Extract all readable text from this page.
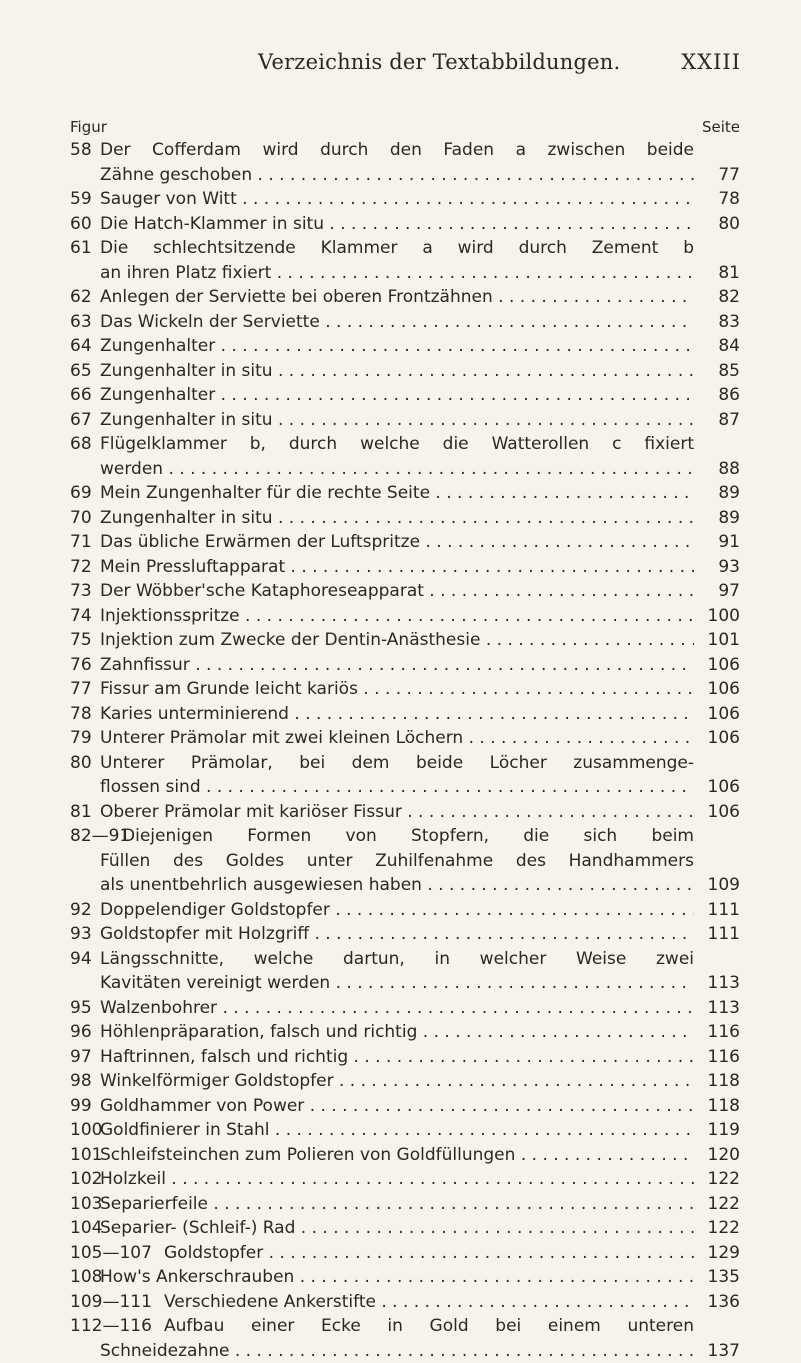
Verzeichnis der Textabbildungen.	XXIII
Figur	Seite
58 Der Cofferdam wird durch den Faden a zwischen beide
Zähne geschoben . . .	77
59 Sauger von Witt . . .	78
60 Die Hatch-Klammer in situ . . .	80
61 Die schlechtsitzende Klammer a wird durch Zement b
an ihren Platz fixiert . . .	81
62 Anlegen der Serviette bei oberen Frontzähnen . . .	82
63 Das Wickeln der Serviette . . .	83
64 Zungenhalter . . .	84
65 Zungenhalter in situ . . .	85
66 Zungenhalter . . .	86
67 Zungenhalter in situ . . .	87
68 Flügelklammer b, durch welche die Watterollen c fixiert
werden . . .	88
69 Mein Zungenhalter für die rechte Seite . . .	89
70 Zungenhalter in situ . . .	89
71 Das übliche Erwärmen der Luftspritze . . .	91
72 Mein Pressluftapparat . . .	93
73 Der Wöbber'sche Kataphoreseapparat . . .	97
74 Injektionsspritze . . .	100
75 Injektion zum Zwecke der Dentin-Anästhesie . . .	101
76 Zahnfissur . . .	106
77 Fissur am Grunde leicht kariös . . .	106
78 Karies unterminierend . . .	106
79 Unterer Prämolar mit zwei kleinen Löchern . . .	106
80 Unterer Prämolar, bei dem beide Löcher zusammenge-
flossen sind . . .	106
81 Oberer Prämolar mit kariöser Fissur . . .	106
82—91
Diejenigen Formen von Stopfern, die sich beim
Füllen des Goldes unter Zuhilfenahme des Handhammers
als unentbehrlich ausgewiesen haben . . .	109
92 Doppelendiger Goldstopfer . . .	111
93 Goldstopfer mit Holzgriff . . .	111
94 Längsschnitte, welche dartun, in welcher Weise zwei
Kavitäten vereinigt werden . . .	113
95 Walzenbohrer . . .	113
96 Höhlenpräparation, falsch und richtig . . .	116
97 Haftrinnen, falsch und richtig . . .	116
98 Winkelförmiger Goldstopfer . . .	118
99 Goldhammer von Power . . .	118
100
Goldfinierer in Stahl . . .	119
101
Schleifsteinchen zum Polieren von Goldfüllungen . . .	120
102
Holzkeil . . .	122
103
Separierfeile . . .	122
104
Separier- (Schleif-) Rad . . .	122
105—107 Goldstopfer . . .	129
108
How's Ankerschrauben . . .	135
109—111 Verschiedene Ankerstifte . . .	136
112—116 Aufbau einer Ecke in Gold bei einem unteren
Schneidezahne . . .	137
